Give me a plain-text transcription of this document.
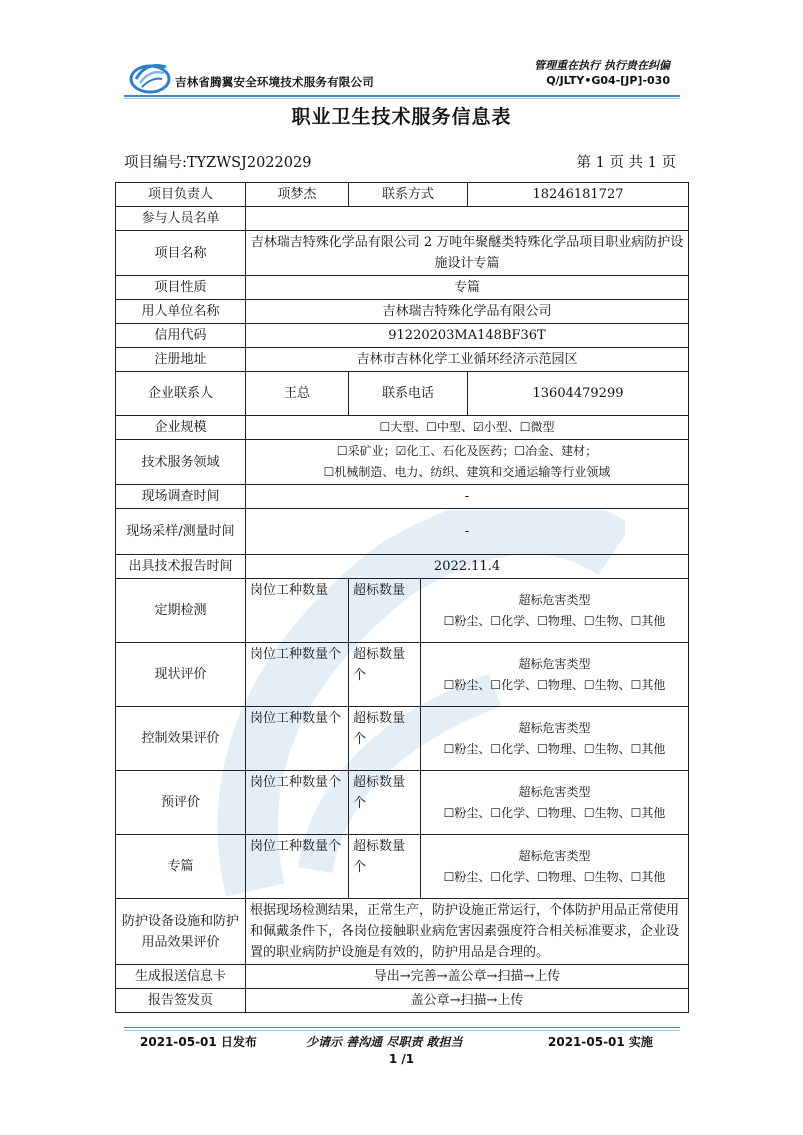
吉林省腾翼安全环境技术服务有限公司
管理重在执行 执行贵在纠偏
Q/JLTY•G04-[JP]-030
职业卫生技术服务信息表
项目编号:TYZWSJ2022029	第 1 页 共 1 页
项目负责人	项梦杰	联系方式		18246181727
参与人员名单				
项目名称	吉林瑞吉特殊化学品有限公司 2 万吨年聚醚类特殊化学品项目职业病防护设施设计专篇			
项目性质	专篇			
用人单位名称	吉林瑞吉特殊化学品有限公司			
信用代码	91220203MA148BF36T			
注册地址	吉林市吉林化学工业循环经济示范园区			
企业联系人	王总	联系电话		13604479299
企业规模	☐大型、☐中型、☑小型、☐微型			
技术服务领域	☐采矿业；☑化工、石化及医药；☐冶金、建材；
☐机械制造、电力、纺织、建筑和交通运输等行业领域			

现场调查时间	-			
现场采样/测量时间	-			
出具技术报告时间	2022.11.4			
定期检测	岗位工种数量	超标数量	超标危害类型
☐粉尘、☐化学、☐物理、☐生物、☐其他	

现状评价	岗位工种数量个	超标数量个	超标危害类型
☐粉尘、☐化学、☐物理、☐生物、☐其他	

控制效果评价	岗位工种数量个	超标数量个	超标危害类型
☐粉尘、☐化学、☐物理、☐生物、☐其他	

预评价	岗位工种数量个	超标数量个	超标危害类型
☐粉尘、☐化学、☐物理、☐生物、☐其他	

专篇	岗位工种数量个	超标数量个	超标危害类型
☐粉尘、☐化学、☐物理、☐生物、☐其他	

防护设备设施和防护用品效果评价	根据现场检测结果，正常生产，防护设施正常运行，个体防护用品正常使用和佩戴条件下，各岗位接触职业病危害因素强度符合相关标准要求，企业设置的职业病防护设施是有效的，防护用品是合理的。			
生成报送信息卡	导出→完善→盖公章→扫描→上传			
报告签发页	盖公章→扫描→上传			
2021-05-01 日发布	少请示 善沟通 尽职责 敢担当	2021-05-01 实施
1 /1
